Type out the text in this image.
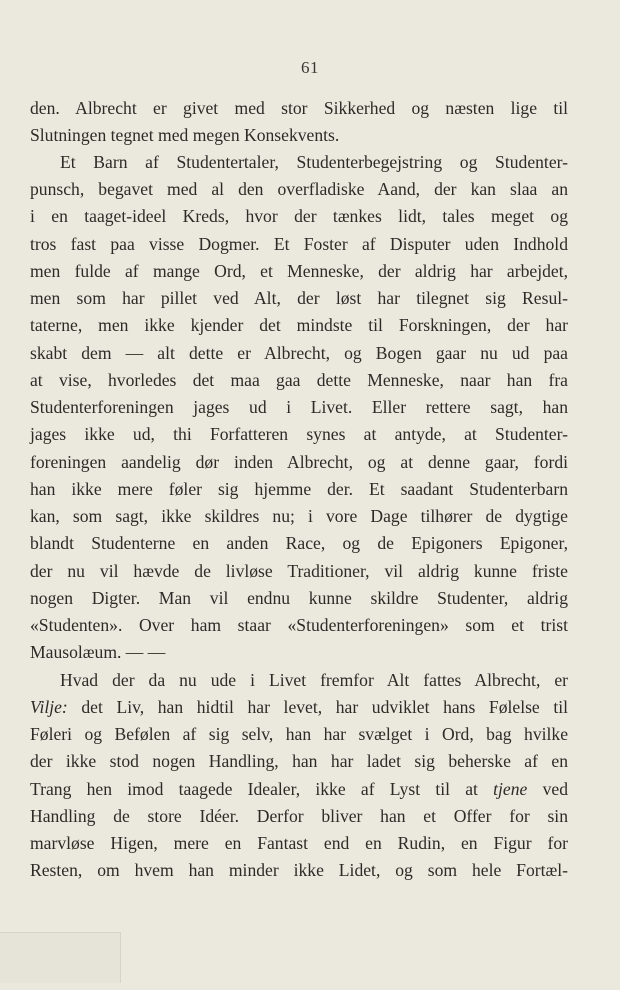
61
den. Albrecht er givet med stor Sikkerhed og næsten lige til
Slutningen tegnet med megen Konsekvents.
Et Barn af Studentertaler, Studenterbegejstring og Studenter-
punsch, begavet med al den overfladiske Aand, der kan slaa an
i en taaget-ideel Kreds, hvor der tænkes lidt, tales meget og
tros fast paa visse Dogmer. Et Foster af Disputer uden Indhold
men fulde af mange Ord, et Menneske, der aldrig har arbejdet,
men som har pillet ved Alt, der løst har tilegnet sig Resul-
taterne, men ikke kjender det mindste til Forskningen, der har
skabt dem — alt dette er Albrecht, og Bogen gaar nu ud paa
at vise, hvorledes det maa gaa dette Menneske, naar han fra
Studenterforeningen jages ud i Livet. Eller rettere sagt, han
jages ikke ud, thi Forfatteren synes at antyde, at Studenter-
foreningen aandelig dør inden Albrecht, og at denne gaar, fordi
han ikke mere føler sig hjemme der. Et saadant Studenterbarn
kan, som sagt, ikke skildres nu; i vore Dage tilhører de dygtige
blandt Studenterne en anden Race, og de Epigoners Epigoner,
der nu vil hævde de livløse Traditioner, vil aldrig kunne friste
nogen Digter. Man vil endnu kunne skildre Studenter, aldrig
«Studenten». Over ham staar «Studenterforeningen» som et trist
Mausolæum. — —
Hvad der da nu ude i Livet fremfor Alt fattes Albrecht, er
Vilje: det Liv, han hidtil har levet, har udviklet hans Følelse til
Føleri og Befølen af sig selv, han har svælget i Ord, bag hvilke
der ikke stod nogen Handling, han har ladet sig beherske af en
Trang hen imod taagede Idealer, ikke af Lyst til at tjene ved
Handling de store Idéer. Derfor bliver han et Offer for sin
marvløse Higen, mere en Fantast end en Rudin, en Figur for
Resten, om hvem han minder ikke Lidet, og som hele Fortæl-
